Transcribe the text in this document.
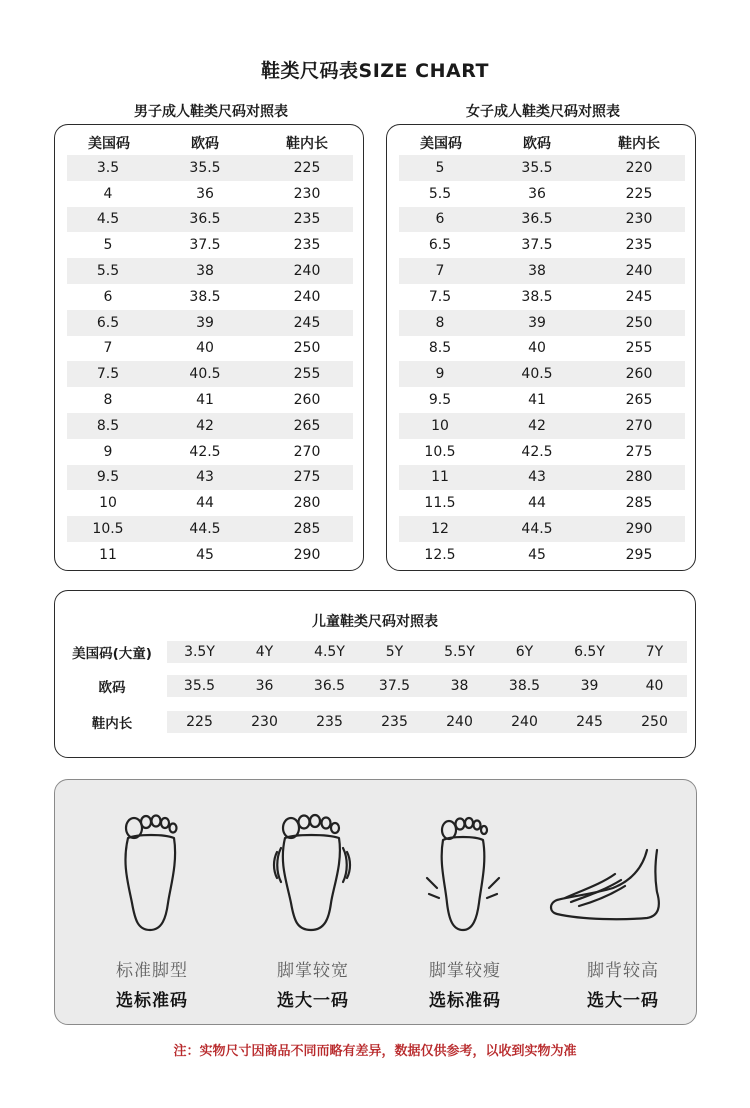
鞋类尺码表SIZE CHART
男子成人鞋类尺码对照表	女子成人鞋类尺码对照表
美国码	欧码	鞋内长
3.5	35.5	225
4	36	230
4.5	36.5	235
5	37.5	235
5.5	38	240
6	38.5	240
6.5	39	245
7	40	250
7.5	40.5	255
8	41	260
8.5	42	265
9	42.5	270
9.5	43	275
10	44	280
10.5	44.5	285
11	45	290
美国码	欧码	鞋内长
5	35.5	220
5.5	36	225
6	36.5	230
6.5	37.5	235
7	38	240
7.5	38.5	245
8	39	250
8.5	40	255
9	40.5	260
9.5	41	265
10	42	270
10.5	42.5	275
11	43	280
11.5	44	285
12	44.5	290
12.5	45	295
儿童鞋类尺码对照表
美国码(大童)	3.5Y	4Y	4.5Y	5Y	5.5Y	6Y	6.5Y	7Y
欧码	35.5	36	36.5	37.5	38	38.5	39	40
鞋内长	225	230	235	235	240	240	245	250
标准脚型
选标准码
脚掌较宽
选大一码
脚掌较瘦
选标准码
脚背较高
选大一码
注：实物尺寸因商品不同而略有差异，数据仅供参考，以收到实物为准
